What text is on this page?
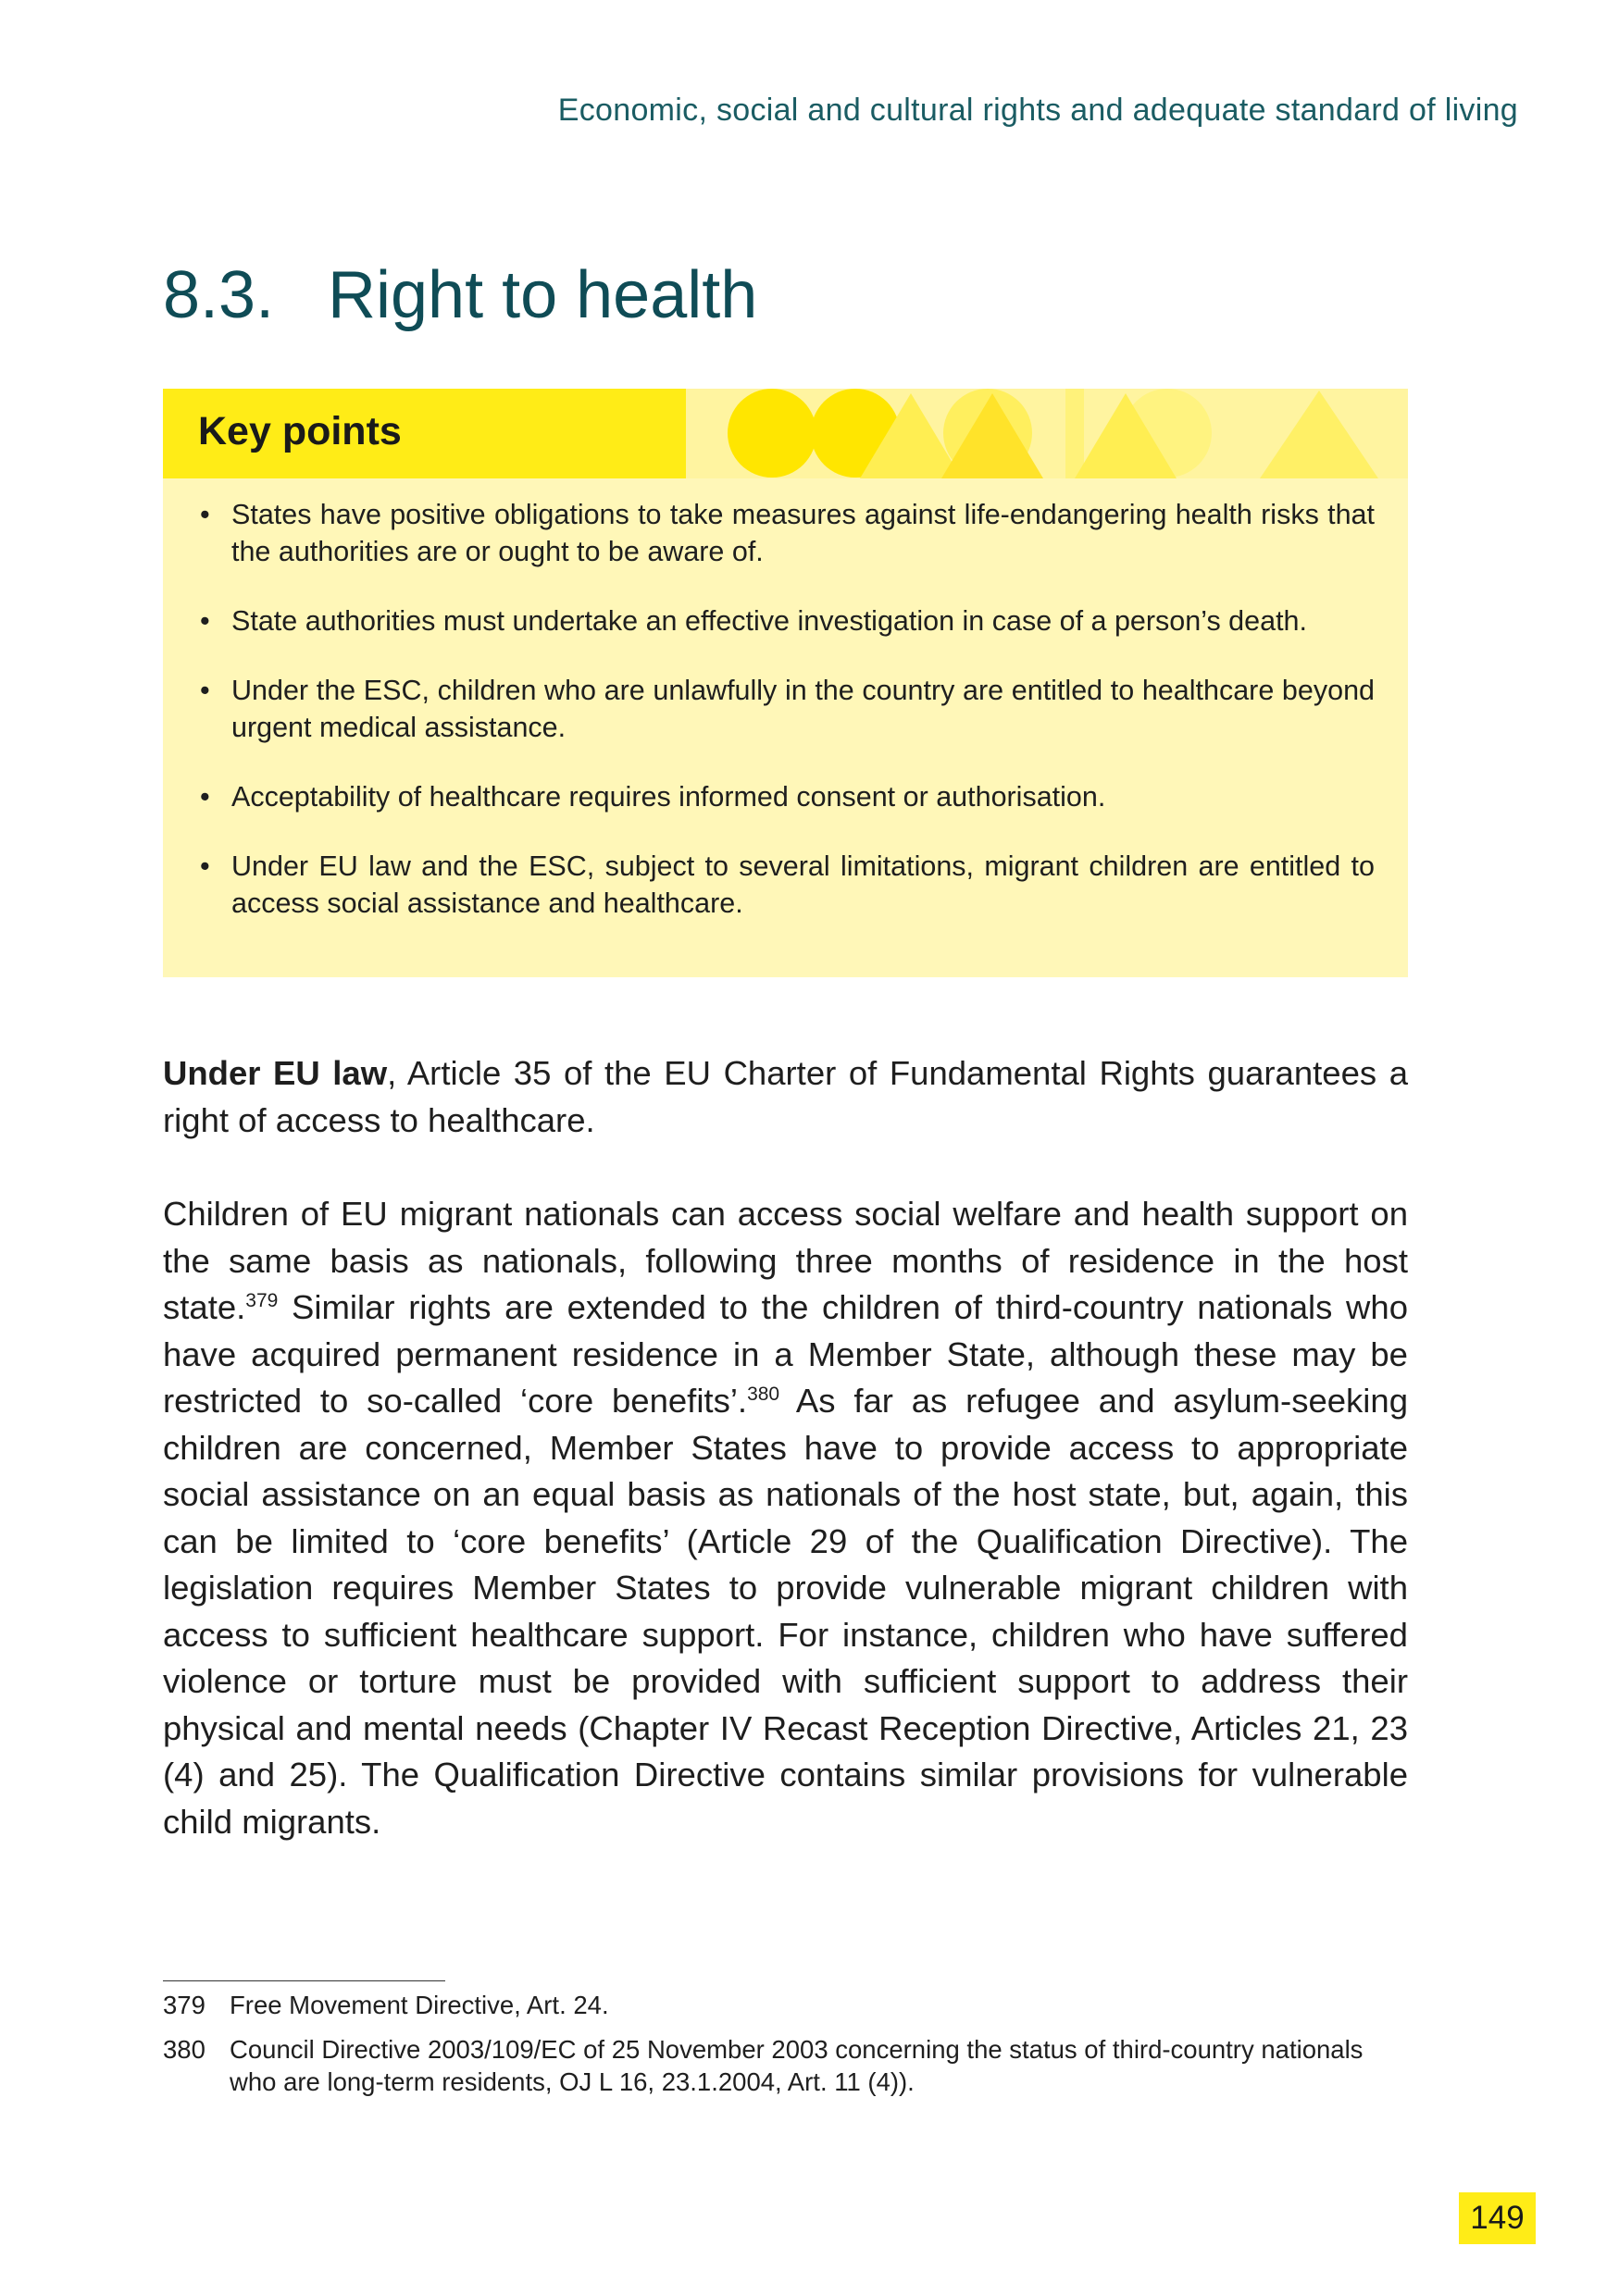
Economic, social and cultural rights and adequate standard of living
8.3. Right to health
Key points
• States have positive obligations to take measures against life-endangering health risks that the authorities are or ought to be aware of.
• State authorities must undertake an effective investigation in case of a person’s death.
• Under the ESC, children who are unlawfully in the country are entitled to healthcare beyond urgent medical assistance.
• Acceptability of healthcare requires informed consent or authorisation.
• Under EU law and the ESC, subject to several limitations, migrant children are entitled to access social assistance and healthcare.

Under EU law, Article 35 of the EU Charter of Fundamental Rights guarantees a right of access to healthcare.

Children of EU migrant nationals can access social welfare and health support on the same basis as nationals, following three months of residence in the host state.$^{379}$ Similar rights are extended to the children of third-country nationals who have acquired permanent residence in a Member State, although these may be restricted to so-called ‘core benefits’.$^{380}$ As far as refugee and asylum-seeking children are concerned, Member States have to provide access to appropriate social assistance on an equal basis as nationals of the host state, but, again, this can be limited to ‘core benefits’ (Article 29 of the Qualification Directive). The legislation requires Member States to provide vulnerable migrant children with access to sufficient healthcare support. For instance, children who have suffered violence or torture must be provided with sufficient support to address their physical and mental needs (Chapter IV Recast Reception Directive, Articles 21, 23 (4) and 25). The Qualification Directive contains similar provisions for vulnerable child migrants.

379 Free Movement Directive, Art. 24.
380 Council Directive 2003/109/EC of 25 November 2003 concerning the status of third-country nationals who are long-term residents, OJ L 16, 23.1.2004, Art. 11 (4)).
149
